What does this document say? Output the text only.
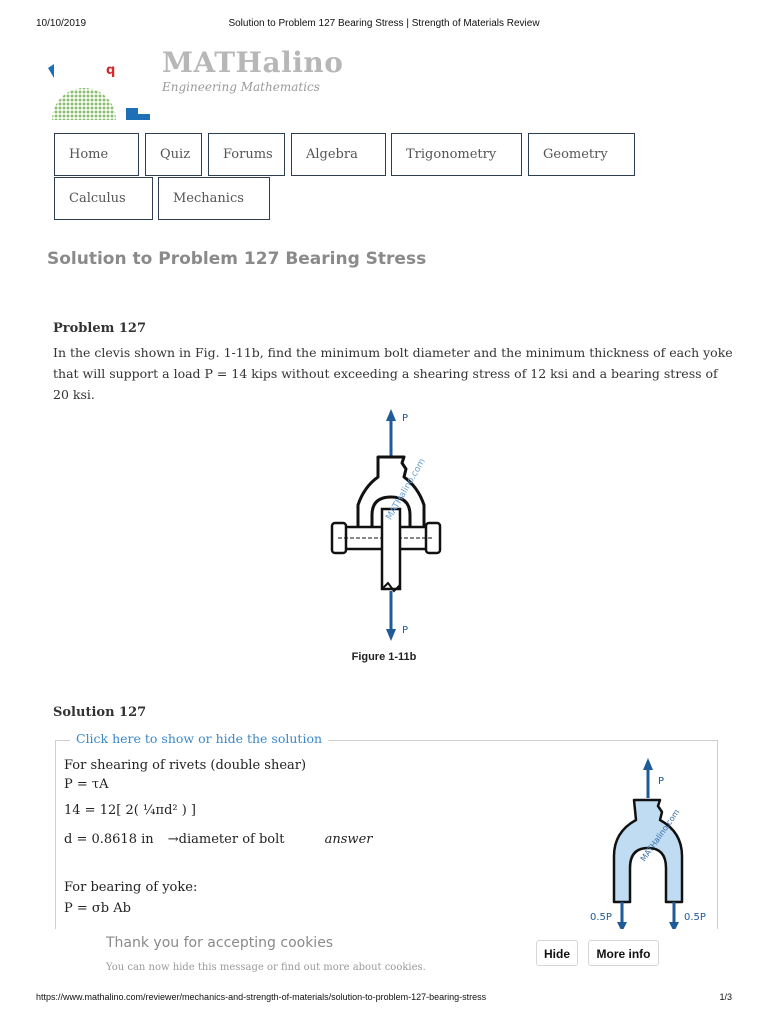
10/10/2019	Solution to Problem 127 Bearing Stress | Strength of Materials Review
q MATHalino
Engineering Mathematics
Home	Quiz	Forums	Algebra	Trigonometry	Geometry
Calculus	Mechanics
Solution to Problem 127 Bearing Stress
Problem 127
In the clevis shown in Fig. 1-11b, find the minimum bolt diameter and the minimum thickness of each yoke that will support a load P = 14 kips without exceeding a shearing stress of 12 ksi and a bearing stress of 20 ksi.
P
MATHalino.com
P
Figure 1-11b
Solution 127
Click here to show or hide the solution
For shearing of rivets (double shear)
P = τA
14 = 12[ 2( ¼πd² ) ]
d = 0.8618 in →diameter of bolt	answer
For bearing of yoke:
P = σb Ab
P
MATHalino.com
0.5P	0.5P
Thank you for accepting cookies
You can now hide this message or find out more about cookies.
Hide	More info
https://www.mathalino.com/reviewer/mechanics-and-strength-of-materials/solution-to-problem-127-bearing-stress	1/3
